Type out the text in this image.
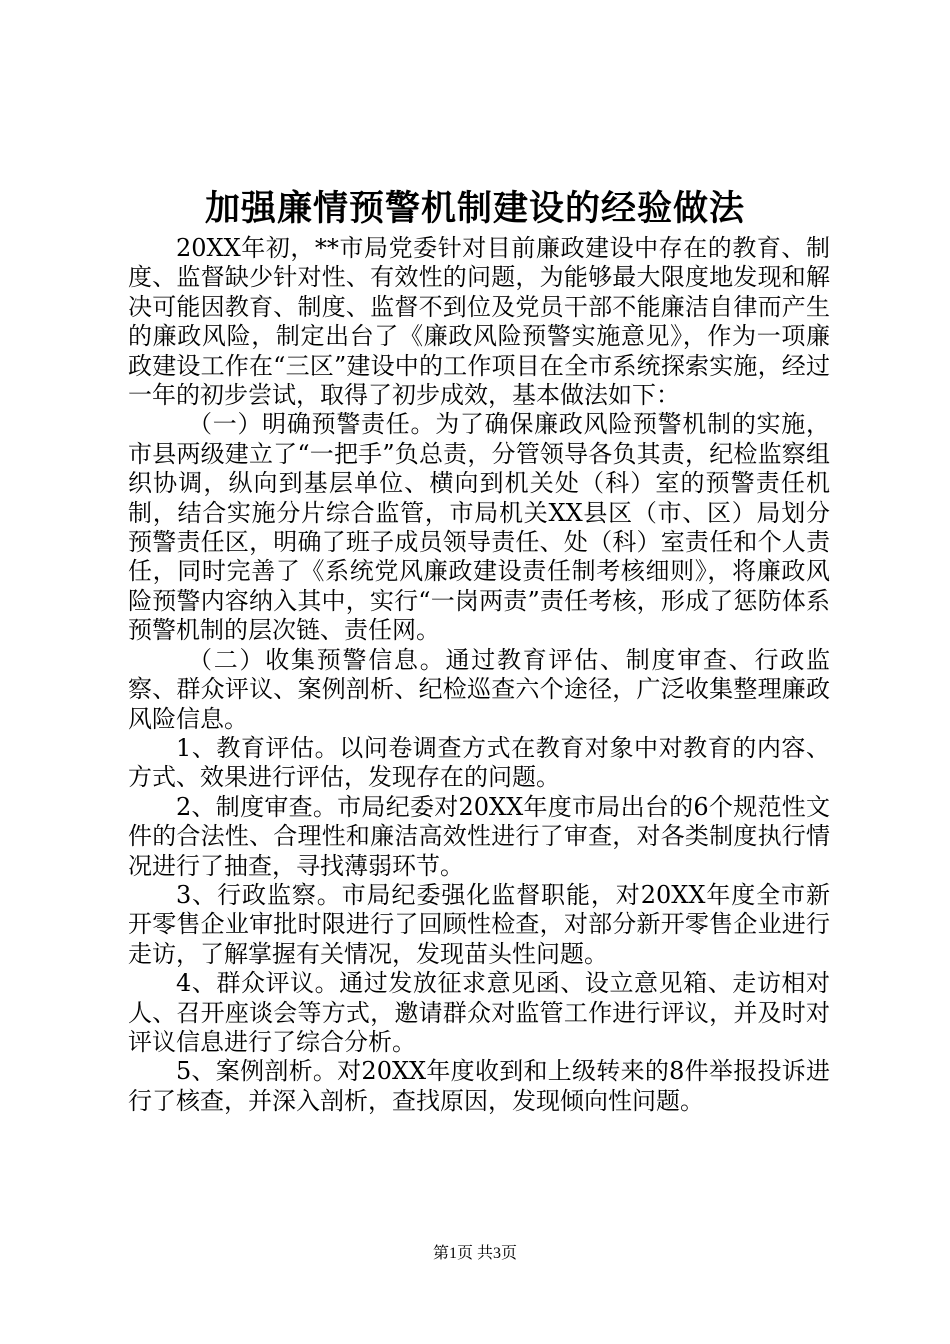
加强廉情预警机制建设的经验做法

20XX年初，**市局党委针对目前廉政建设中存在的教育、制度、监督缺少针对性、有效性的问题，为能够最大限度地发现和解决可能因教育、制度、监督不到位及党员干部不能廉洁自律而产生的廉政风险，制定出台了《廉政风险预警实施意见》，作为一项廉政建设工作在“三区”建设中的工作项目在全市系统探索实施，经过一年的初步尝试，取得了初步成效，基本做法如下：

（一）明确预警责任。为了确保廉政风险预警机制的实施，市县两级建立了“一把手”负总责，分管领导各负其责，纪检监察组织协调，纵向到基层单位、横向到机关处（科）室的预警责任机制，结合实施分片综合监管，市局机关XX县区（市、区）局划分预警责任区，明确了班子成员领导责任、处（科）室责任和个人责任，同时完善了《系统党风廉政建设责任制考核细则》，将廉政风险预警内容纳入其中，实行“一岗两责”责任考核，形成了惩防体系预警机制的层次链、责任网。

（二）收集预警信息。通过教育评估、制度审查、行政监察、群众评议、案例剖析、纪检巡查六个途径，广泛收集整理廉政风险信息。

1、教育评估。以问卷调查方式在教育对象中对教育的内容、方式、效果进行评估，发现存在的问题。

2、制度审查。市局纪委对20XX年度市局出台的6个规范性文件的合法性、合理性和廉洁高效性进行了审查，对各类制度执行情况进行了抽查，寻找薄弱环节。

3、行政监察。市局纪委强化监督职能，对20XX年度全市新开零售企业审批时限进行了回顾性检查，对部分新开零售企业进行走访，了解掌握有关情况，发现苗头性问题。

4、群众评议。通过发放征求意见函、设立意见箱、走访相对人、召开座谈会等方式，邀请群众对监管工作进行评议，并及时对评议信息进行了综合分析。

5、案例剖析。对20XX年度收到和上级转来的8件举报投诉进行了核查，并深入剖析，查找原因，发现倾向性问题。

第1页 共3页
